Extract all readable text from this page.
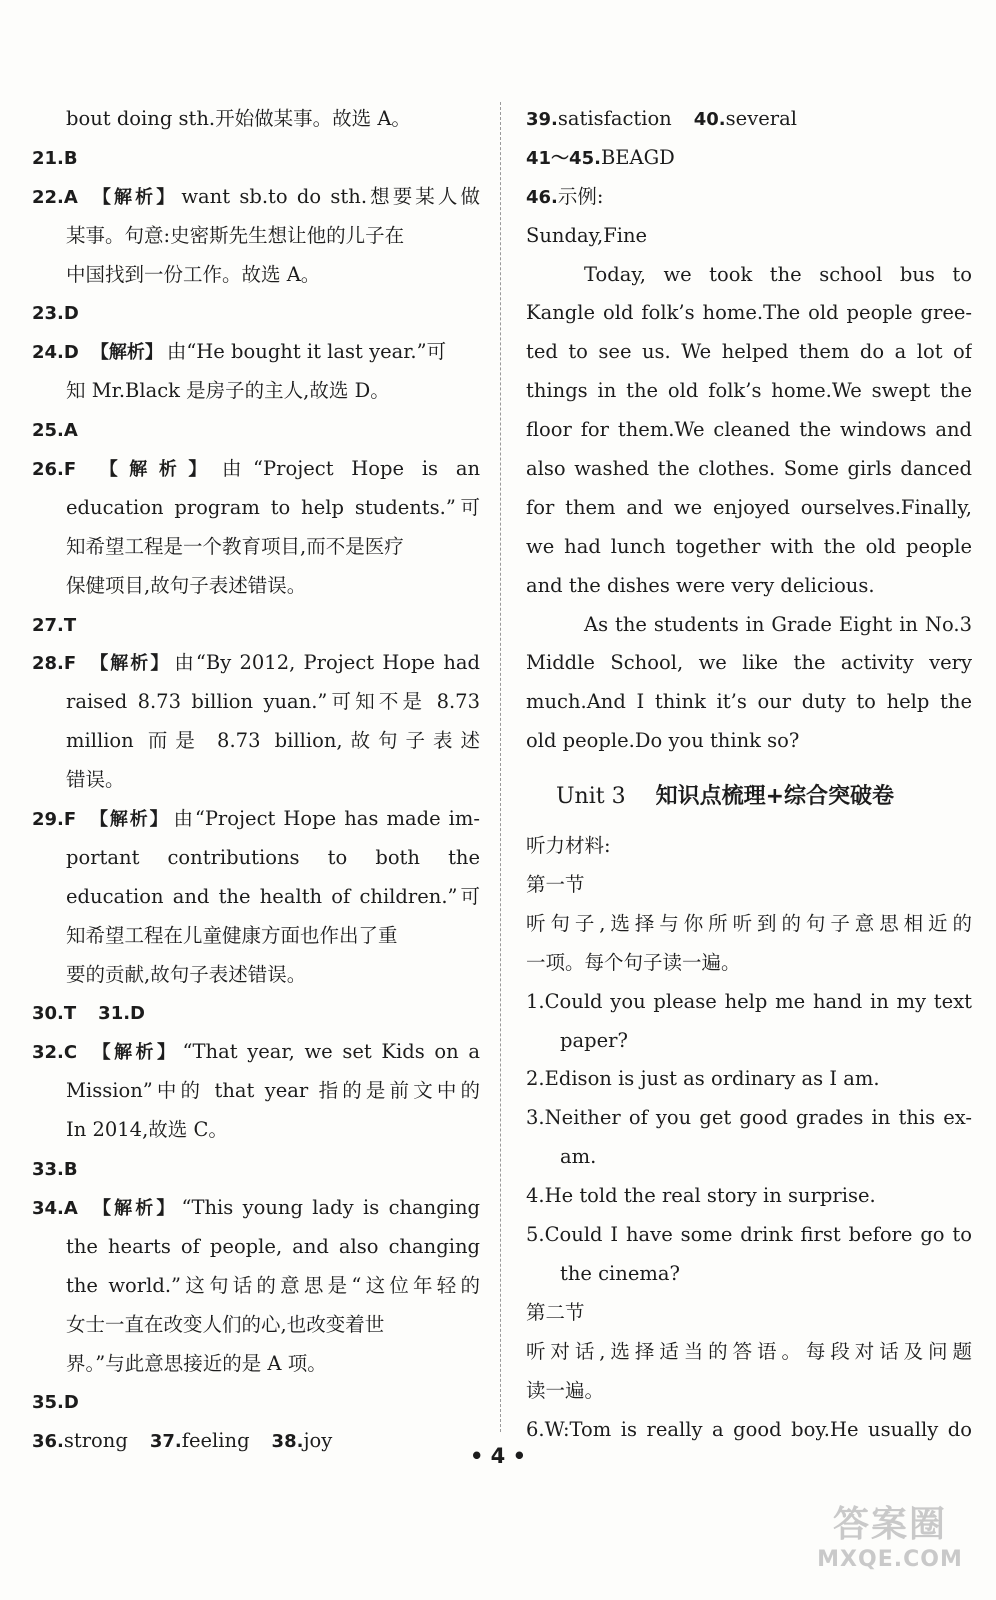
bout doing sth.开始做某事。故选 A。
21.B
22.A 【解析】 want sb.to do sth.想要某人做
某事。句意:史密斯先生想让他的儿子在
中国找到一份工作。故选 A。
23.D
24.D 【解析】 由“He bought it last year.”可
知 Mr.Black 是房子的主人,故选 D。
25.A
26.F 【解析】 由“Project Hope is an
education program to help students.”可
知希望工程是一个教育项目,而不是医疗
保健项目,故句子表述错误。
27.T
28.F 【解析】 由“By 2012, Project Hope had
raised 8.73 billion yuan.”可知不是 8.73
million 而是 8.73 billion,故句子表述
错误。
29.F 【解析】 由“Project Hope has made im-
portant contributions to both the
education and the health of children.”可
知希望工程在儿童健康方面也作出了重
要的贡献,故句子表述错误。
30.T 31.D
32.C 【解析】 “That year, we set Kids on a
Mission”中的 that year 指的是前文中的
In 2014,故选 C。
33.B
34.A 【解析】 “This young lady is changing
the hearts of people, and also changing
the world.”这句话的意思是“这位年轻的
女士一直在改变人们的心,也改变着世
界。”与此意思接近的是 A 项。
35.D
36.strong 37.feeling 38.joy
39.satisfaction 40.several
41～45.BEAGD
46.示例:
Sunday,Fine
Today, we took the school bus to
Kangle old folk’s home.The old people gree-
ted to see us. We helped them do a lot of
things in the old folk’s home.We swept the
floor for them.We cleaned the windows and
also washed the clothes. Some girls danced
for them and we enjoyed ourselves.Finally,
we had lunch together with the old people
and the dishes were very delicious.
As the students in Grade Eight in No.3
Middle School, we like the activity very
much.And I think it’s our duty to help the
old people.Do you think so?
Unit 3 知识点梳理+综合突破卷
听力材料:
第一节
听句子,选择与你所听到的句子意思相近的
一项。每个句子读一遍。
1.Could you please help me hand in my text
paper?
2.Edison is just as ordinary as I am.
3.Neither of you get good grades in this ex-
am.
4.He told the real story in surprise.
5.Could I have some drink first before go to
the cinema?
第二节
听对话,选择适当的答语。每段对话及问题
读一遍。
6.W:Tom is really a good boy.He usually do
• 4 •
答案圈
MXQE.COM
